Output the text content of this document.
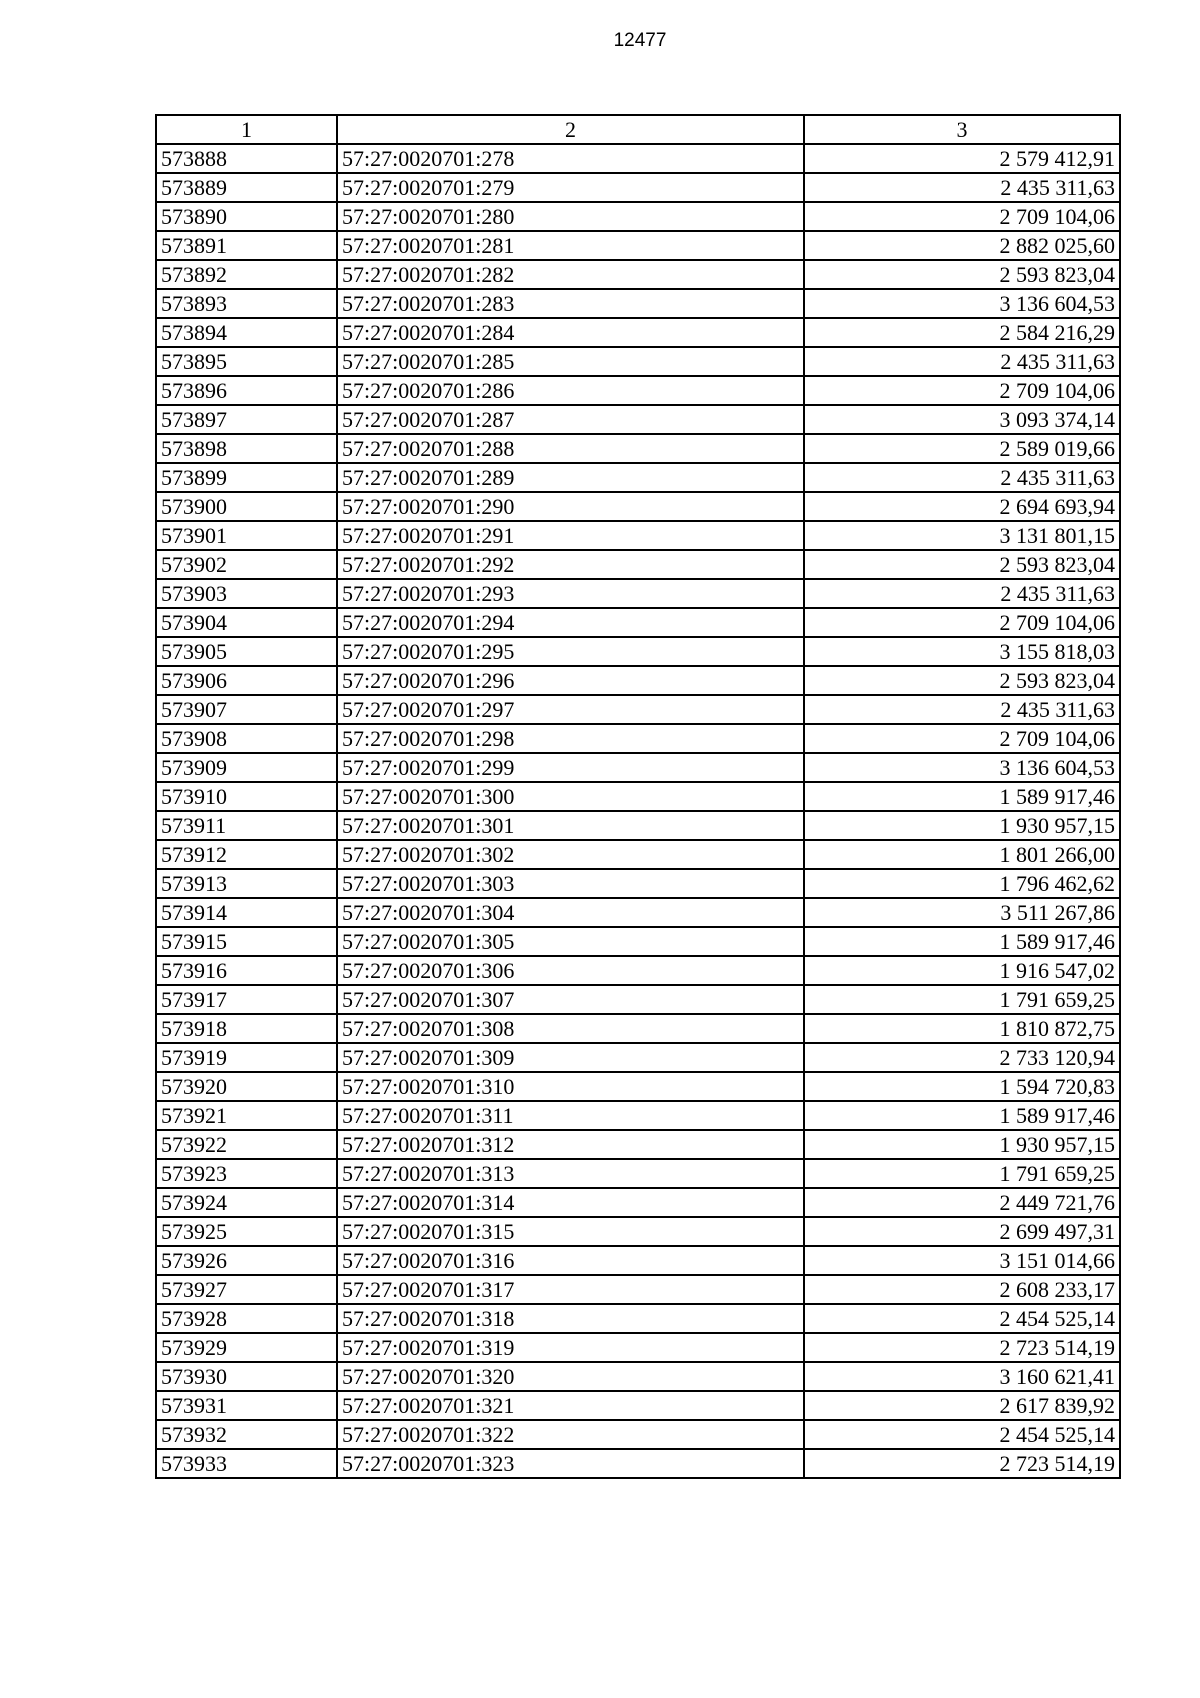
12477
1	2	3
573888	57:27:0020701:278	2 579 412,91
573889	57:27:0020701:279	2 435 311,63
573890	57:27:0020701:280	2 709 104,06
573891	57:27:0020701:281	2 882 025,60
573892	57:27:0020701:282	2 593 823,04
573893	57:27:0020701:283	3 136 604,53
573894	57:27:0020701:284	2 584 216,29
573895	57:27:0020701:285	2 435 311,63
573896	57:27:0020701:286	2 709 104,06
573897	57:27:0020701:287	3 093 374,14
573898	57:27:0020701:288	2 589 019,66
573899	57:27:0020701:289	2 435 311,63
573900	57:27:0020701:290	2 694 693,94
573901	57:27:0020701:291	3 131 801,15
573902	57:27:0020701:292	2 593 823,04
573903	57:27:0020701:293	2 435 311,63
573904	57:27:0020701:294	2 709 104,06
573905	57:27:0020701:295	3 155 818,03
573906	57:27:0020701:296	2 593 823,04
573907	57:27:0020701:297	2 435 311,63
573908	57:27:0020701:298	2 709 104,06
573909	57:27:0020701:299	3 136 604,53
573910	57:27:0020701:300	1 589 917,46
573911	57:27:0020701:301	1 930 957,15
573912	57:27:0020701:302	1 801 266,00
573913	57:27:0020701:303	1 796 462,62
573914	57:27:0020701:304	3 511 267,86
573915	57:27:0020701:305	1 589 917,46
573916	57:27:0020701:306	1 916 547,02
573917	57:27:0020701:307	1 791 659,25
573918	57:27:0020701:308	1 810 872,75
573919	57:27:0020701:309	2 733 120,94
573920	57:27:0020701:310	1 594 720,83
573921	57:27:0020701:311	1 589 917,46
573922	57:27:0020701:312	1 930 957,15
573923	57:27:0020701:313	1 791 659,25
573924	57:27:0020701:314	2 449 721,76
573925	57:27:0020701:315	2 699 497,31
573926	57:27:0020701:316	3 151 014,66
573927	57:27:0020701:317	2 608 233,17
573928	57:27:0020701:318	2 454 525,14
573929	57:27:0020701:319	2 723 514,19
573930	57:27:0020701:320	3 160 621,41
573931	57:27:0020701:321	2 617 839,92
573932	57:27:0020701:322	2 454 525,14
573933	57:27:0020701:323	2 723 514,19
